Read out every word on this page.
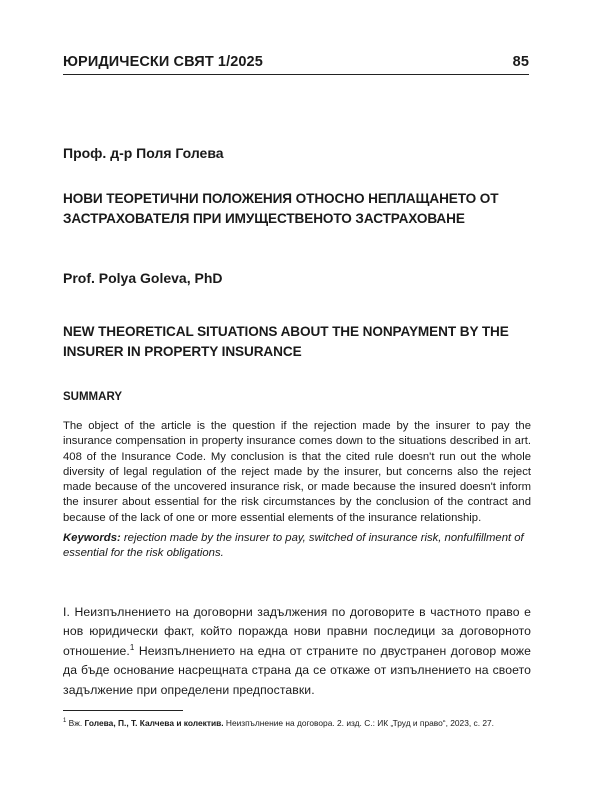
ЮРИДИЧЕСКИ СВЯТ 1/2025	85
Проф. д-р Поля Голева
НОВИ ТЕОРЕТИЧНИ ПОЛОЖЕНИЯ ОТНОСНО НЕПЛАЩАНЕТО ОТ ЗАСТРАХОВАТЕЛЯ ПРИ ИМУЩЕСТВЕНОТО ЗАСТРАХОВАНЕ
Prof. Polya Goleva, PhD
NEW THEORETICAL SITUATIONS ABOUT THE NONPAYMENT BY THE INSURER IN PROPERTY INSURANCE
SUMMARY
The object of the article is the question if the rejection made by the insurer to pay the insurance compensation in property insurance comes down to the situations described in art. 408 of the Insurance Code. My conclusion is that the cited rule doesn't run out the whole diversity of legal regulation of the reject made by the insurer, but concerns also the reject made because of the uncovered insurance risk, or made because the insured doesn't inform the insurer about essential for the risk circumstances by the conclusion of the contract and because of the lack of one or more essential elements of the insurance relationship.
Keywords: rejection made by the insurer to pay, switched of insurance risk, nonfulfillment of essential for the risk obligations.
I. Неизпълнението на договорни задължения по договорите в частното право е нов юридически факт, който поражда нови правни последици за договорното отношение.$^1$ Неизпълнението на една от страните по двустранен договор може да бъде основание насрещната страна да се откаже от изпълнението на своето задължение при определени предпоставки.
$^1$ Вж. Голева, П., Т. Калчева и колектив. Неизпълнение на договора. 2. изд. С.: ИК „Труд и право“, 2023, с. 27.
